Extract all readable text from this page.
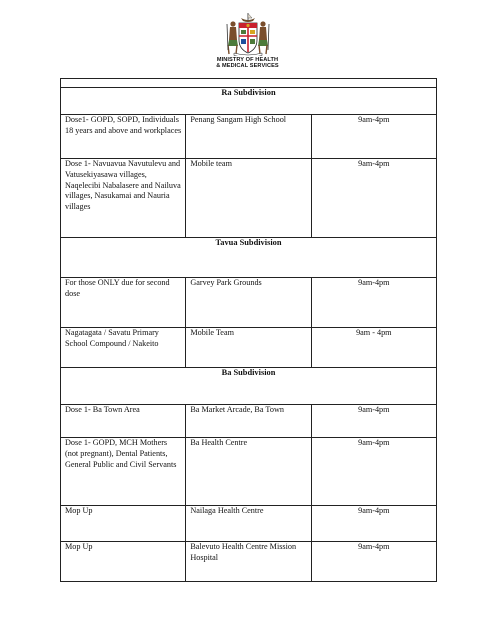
MINISTRY OF HEALTH
& MEDICAL SERVICES

Ra Subdivision		
Dose1- GOPD, SOPD, Individuals 18 years and above and workplaces	Penang Sangam High School	9am-4pm
Dose 1- Navuavua Navutulevu and Vatusekiyasawa villages, Naqelecibi Nabalasere and Nailuva villages, Nasukamai and Nauria villages	Mobile team	9am-4pm
Tavua Subdivision		
For those ONLY due for second dose	Garvey Park Grounds	9am-4pm
Nagatagata / Savatu Primary School Compound / Nakeito	Mobile Team	9am - 4pm
Ba Subdivision		
Dose 1- Ba Town Area	Ba Market Arcade, Ba Town	9am-4pm
Dose 1- GOPD, MCH Mothers (not pregnant), Dental Patients, General Public and Civil Servants	Ba Health Centre	9am-4pm
Mop Up	Nailaga Health Centre	9am-4pm
Mop Up	Balevuto Health Centre Mission Hospital	9am-4pm
